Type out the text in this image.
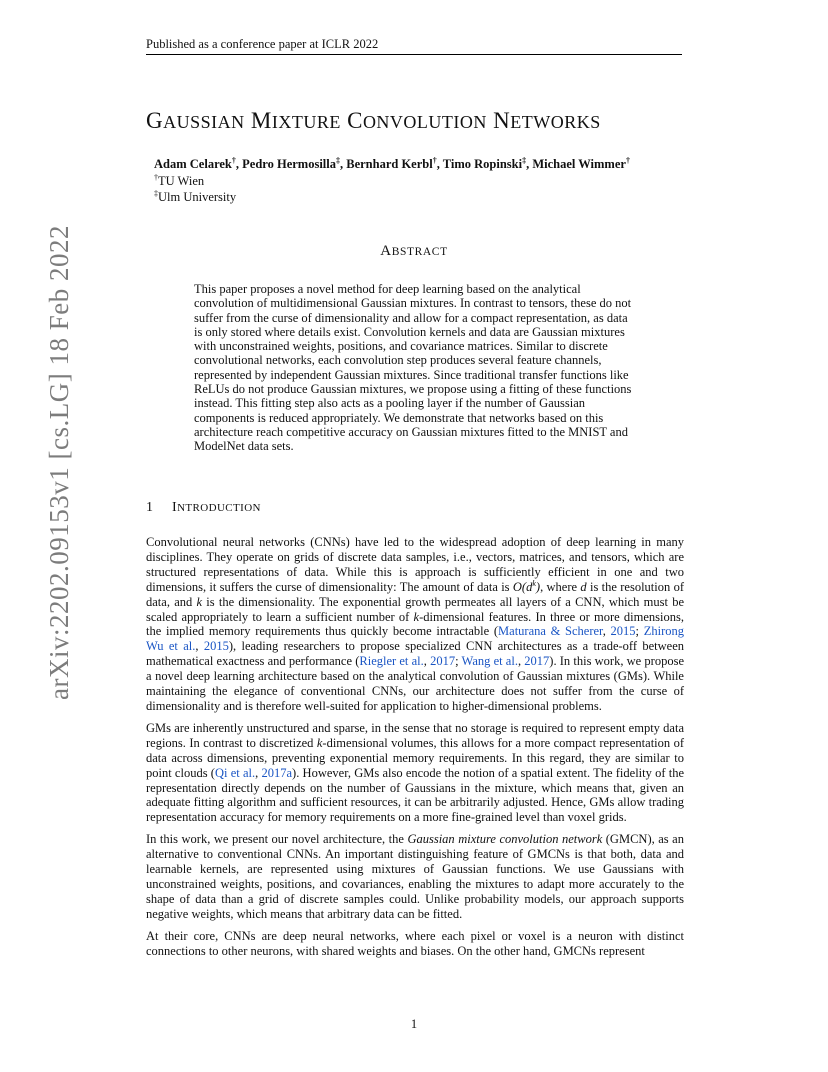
Published as a conference paper at ICLR 2022
arXiv:2202.09153v1 [cs.LG] 18 Feb 2022
GAUSSIAN MIXTURE CONVOLUTION NETWORKS
Adam Celarek†, Pedro Hermosilla‡, Bernhard Kerbl†, Timo Ropinski‡, Michael Wimmer†
†TU Wien
‡Ulm University
ABSTRACT

This paper proposes a novel method for deep learning based on the analytical convolution of multidimensional Gaussian mixtures. In contrast to tensors, these do not suffer from the curse of dimensionality and allow for a compact representation, as data is only stored where details exist. Convolution kernels and data are Gaussian mixtures with unconstrained weights, positions, and covariance matrices. Similar to discrete convolutional networks, each convolution step produces several feature channels, represented by independent Gaussian mixtures. Since traditional transfer functions like ReLUs do not produce Gaussian mixtures, we propose using a fitting of these functions instead. This fitting step also acts as a pooling layer if the number of Gaussian components is reduced appropriately. We demonstrate that networks based on this architecture reach competitive accuracy on Gaussian mixtures fitted to the MNIST and ModelNet data sets.

1 INTRODUCTION

Convolutional neural networks (CNNs) have led to the widespread adoption of deep learning in many disciplines. They operate on grids of discrete data samples, i.e., vectors, matrices, and tensors, which are structured representations of data. While this is approach is sufficiently efficient in one and two dimensions, it suffers the curse of dimensionality: The amount of data is $O(d^k)$, where d is the resolution of data, and k is the dimensionality. The exponential growth permeates all layers of a CNN, which must be scaled appropriately to learn a sufficient number of k-dimensional features. In three or more dimensions, the implied memory requirements thus quickly become intractable (Maturana & Scherer, 2015; Zhirong Wu et al., 2015), leading researchers to propose specialized CNN architectures as a trade-off between mathematical exactness and performance (Riegler et al., 2017; Wang et al., 2017). In this work, we propose a novel deep learning architecture based on the analytical convolution of Gaussian mixtures (GMs). While maintaining the elegance of conventional CNNs, our architecture does not suffer from the curse of dimensionality and is therefore well-suited for application to higher-dimensional problems.

GMs are inherently unstructured and sparse, in the sense that no storage is required to represent empty data regions. In contrast to discretized k-dimensional volumes, this allows for a more compact representation of data across dimensions, preventing exponential memory requirements. In this regard, they are similar to point clouds (Qi et al., 2017a). However, GMs also encode the notion of a spatial extent. The fidelity of the representation directly depends on the number of Gaussians in the mixture, which means that, given an adequate fitting algorithm and sufficient resources, it can be arbitrarily adjusted. Hence, GMs allow trading representation accuracy for memory requirements on a more fine-grained level than voxel grids.

In this work, we present our novel architecture, the Gaussian mixture convolution network (GMCN), as an alternative to conventional CNNs. An important distinguishing feature of GMCNs is that both, data and learnable kernels, are represented using mixtures of Gaussian functions. We use Gaussians with unconstrained weights, positions, and covariances, enabling the mixtures to adapt more accurately to the shape of data than a grid of discrete samples could. Unlike probability models, our approach supports negative weights, which means that arbitrary data can be fitted.

At their core, CNNs are deep neural networks, where each pixel or voxel is a neuron with distinct connections to other neurons, with shared weights and biases. On the other hand, GMCNs represent

1
